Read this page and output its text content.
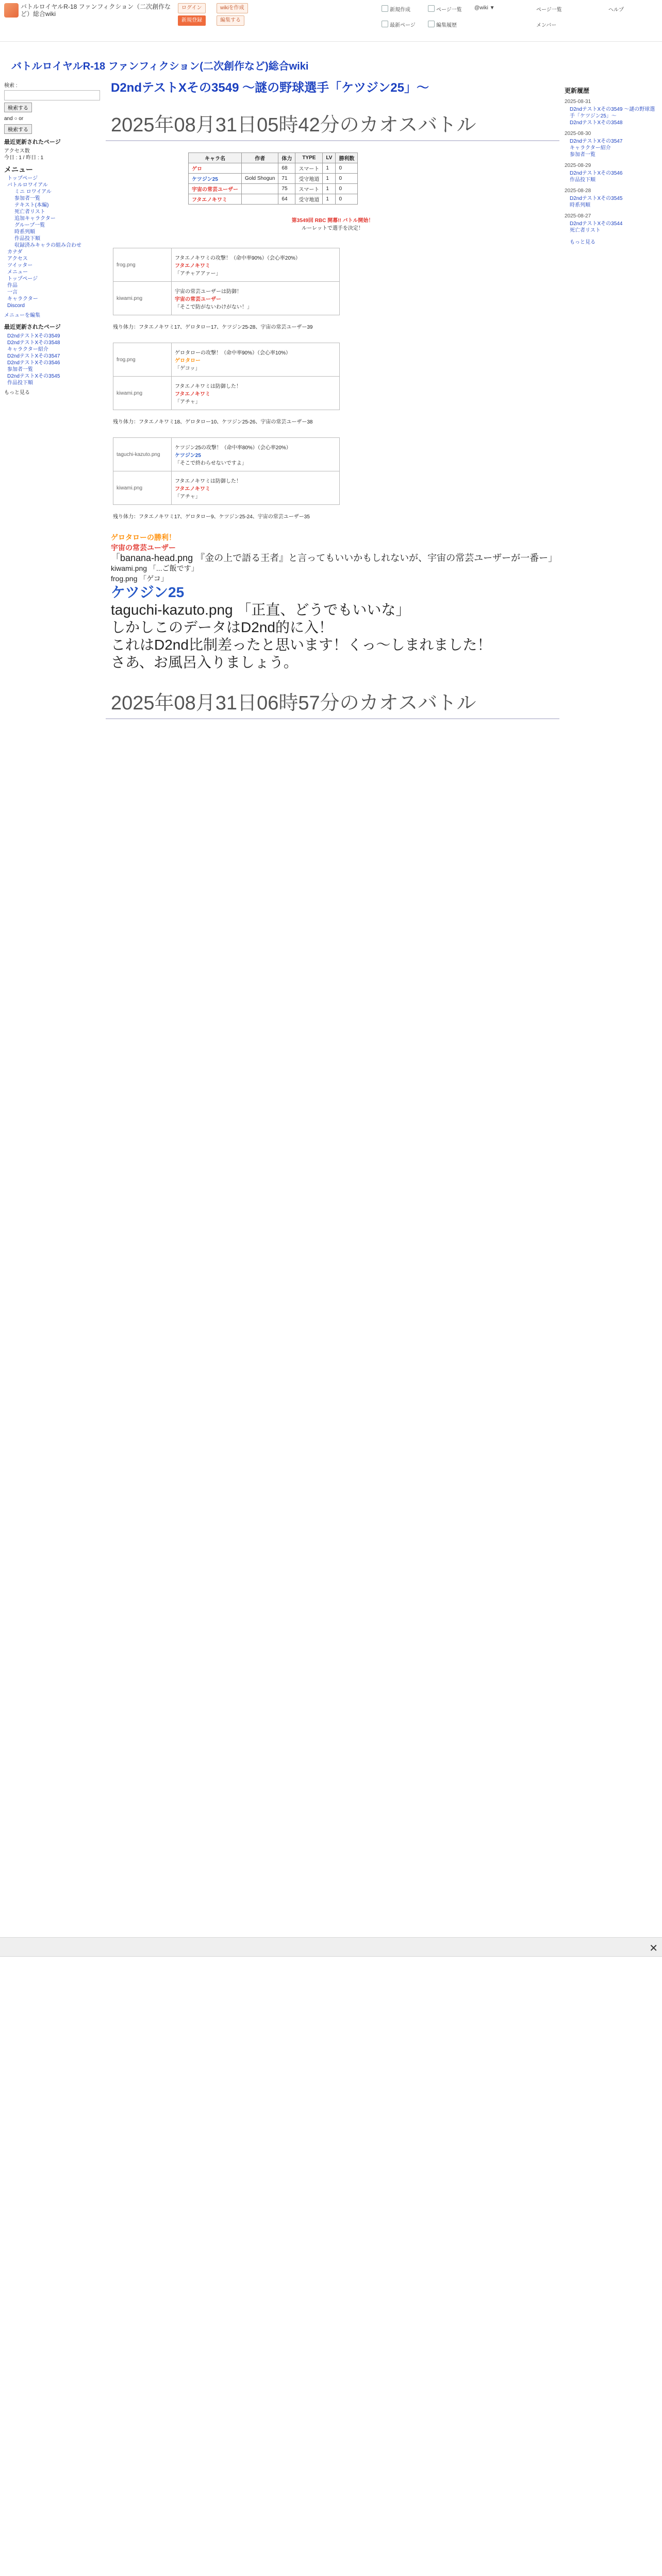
バトルロイヤルR-18 ファンフィクション（二次創作など）総合wiki
ログイン
新規登録
wikiを作成
編集する
新規作成	ページ一覧 @wiki ▼
最新ページ	編集履歴
ページ一覧
メンバー
ヘルプ
バトルロイヤルR-18 ファンフィクション(二次創作など)総合wiki
検索 :
検索する
and ○ or
検索する
最近更新されたページ
アクセス数
今日 : 1 / 昨日 : 1
メニュー
トップページ
バトルロワイアル
ミニ ロワイアル
参加者一覧
テキスト(本編)
死亡者リスト
追加キャラクター
グループ一覧
時系列順
作品投下順
収録済みキャラの組み合わせ
カナダ
アクセス
ツイッター
メニュー
トップページ
作品
一言
キャラクター
Discord
メニューを編集
最近更新されたページ
D2ndテストXその3549
D2ndテストXその3548
キャラクター紹介
D2ndテストXその3547
D2ndテストXその3546
参加者一覧
D2ndテストXその3545
作品投下順
もっと見る
D2ndテストXその3549 ～謎の野球選手「ケツジン25」～
2025年08月31日05時42分のカオスバトル
キャラ名	作者	体力	TYPE	LV	勝利数
ゲロ		68	スマート	1	0
ケツジン25	Gold Shogun	71	受守地道	1	0
宇宙の常芸ユーザー		75	スマート	1	0
フタエノキワミ		64	受守地道	1	0
第3549回 RBC 開幕!! バトル開始！
ルーレットで選手を決定！
frog.png	フタエノキワミの攻撃！（命中率90%）（会心率20%）
フタエノキワミ
「アチャアアァー」

kiwami.png	宇宙の常芸ユーザーは防御！
宇宙の常芸ユーザー
「そこで防がないわけがない！」
残り体力：フタエノキワミ17、ゲロタロー17、ケツジン25-28、宇宙の常芸ユーザー39
frog.png	ゲロタローの攻撃！（命中率90%）（会心率10%）
ゲロタロー
「ゲコッ」

kiwami.png	フタエノキワミは防御した！
フタエノキワミ
「アチャ」
残り体力：フタエノキワミ18、ゲロタロー10、ケツジン25-26、宇宙の常芸ユーザー38
taguchi-kazuto.png	ケツジン25の攻撃！（命中率80%）（会心率20%）
ケツジン25
「そこで終わらせないですよ」

kiwami.png	フタエノキワミは防御した！
フタエノキワミ
「アチャ」
残り体力：フタエノキワミ17、ゲロタロー9、ケツジン25-24、宇宙の常芸ユーザー35
ゲロタローの勝利！
宇宙の常芸ユーザー
「banana-head.png 『金の上で語る王者』と言ってもいいかもしれないが、宇宙の常芸ユーザーが一番ー」
kiwami.png 「...ご飯です」
frog.png 「ゲコ」
ケツジン25
taguchi-kazuto.png 「正直、どうでもいいな」
しかしこのデータはD2nd的に入！
これはD2nd比制差ったと思います！くっ～しまれました！
さあ、お風呂入りましょう。
2025年08月31日06時57分のカオスバトル
更新履歴
2025-08-31
D2ndテストXその3549 ～謎の野球選手「ケツジン25」～
D2ndテストXその3548
2025-08-30
D2ndテストXその3547
キャラクター紹介
参加者一覧
2025-08-29
D2ndテストXその3546
作品投下順
2025-08-28
D2ndテストXその3545
時系列順
2025-08-27
D2ndテストXその3544
死亡者リスト
もっと見る
✕
